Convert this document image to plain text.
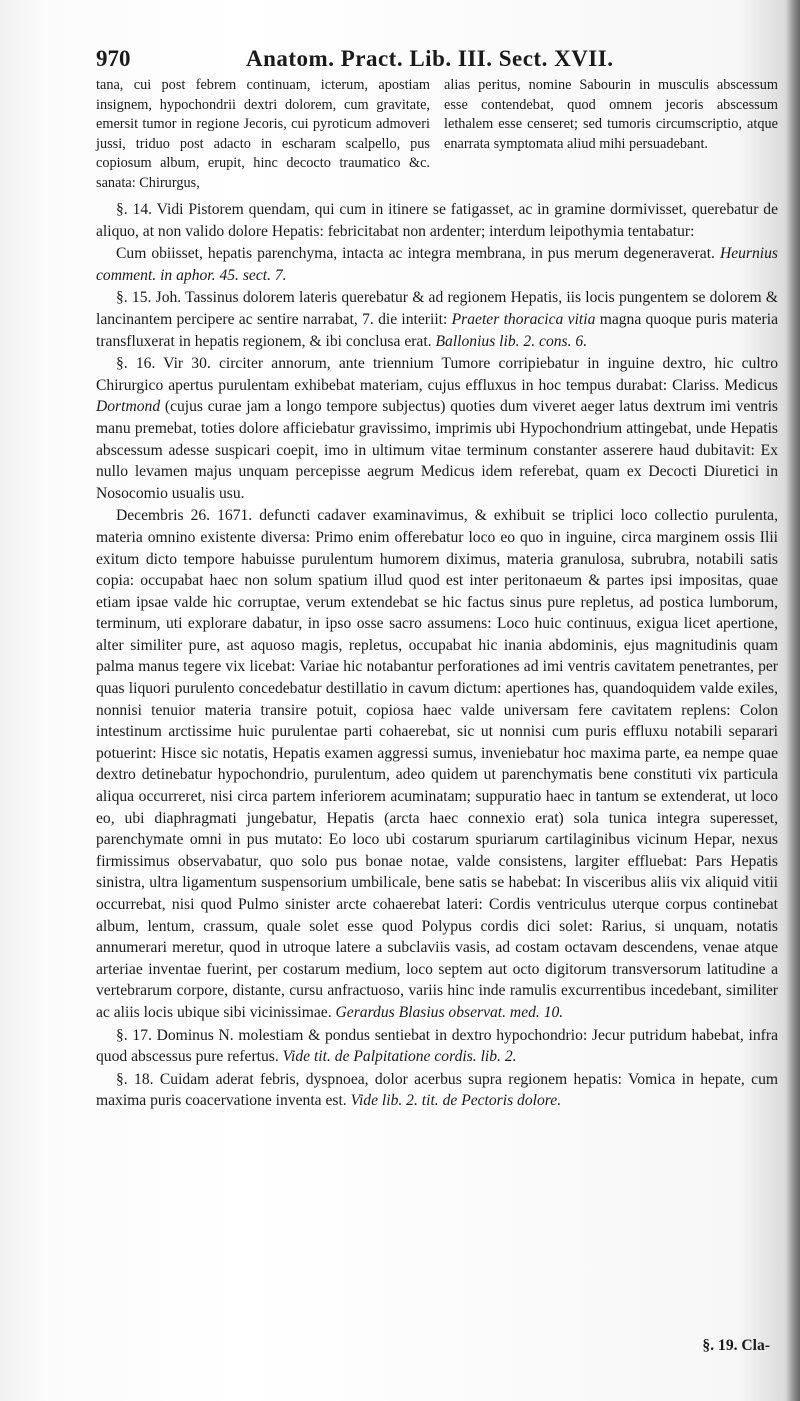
970	Anatom. Pract. Lib. III. Sect. XVII.
tana, cui post febrem continuam, icterum, apostiam insignem, hypochondrii dextri dolorem, cum gravitate, emersit tumor in regione Jecoris, cui pyroticum admoveri jussi, triduo post adacto in escharam scalpello, pus copiosum album, erupit, hinc decocto traumatico &c. sanata: Chirurgus,
alias peritus, nomine Sabourin in musculis abscessum esse contendebat, quod omnem jecoris abscessum lethalem esse censeret; sed tumoris circumscriptio, atque enarrata symptomata aliud mihi persuadebant.

§. 14. Vidi Pistorem quendam, qui cum in itinere se fatigasset, ac in gramine dormivisset, querebatur de aliquo, at non valido dolore Hepatis: febricitabat non ardenter; interdum leipothymia tentabatur:

Cum obiisset, hepatis parenchyma, intacta ac integra membrana, in pus merum degeneraverat. Heurnius comment. in aphor. 45. sect. 7.

§. 15. Joh. Tassinus dolorem lateris querebatur & ad regionem Hepatis, iis locis pungentem se dolorem & lancinantem percipere ac sentire narrabat, 7. die interiit: Praeter thoracica vitia magna quoque puris materia transfluxerat in hepatis regionem, & ibi conclusa erat. Ballonius lib. 2. cons. 6.

§. 16. Vir 30. circiter annorum, ante triennium Tumore corripiebatur in inguine dextro, hic cultro Chirurgico apertus purulentam exhibebat materiam, cujus effluxus in hoc tempus durabat: Clariss. Medicus Dortmond (cujus curae jam a longo tempore subjectus) quoties dum viveret aeger latus dextrum imi ventris manu premebat, toties dolore afficiebatur gravissimo, imprimis ubi Hypochondrium attingebat, unde Hepatis abscessum adesse suspicari coepit, imo in ultimum vitae terminum constanter asserere haud dubitavit: Ex nullo levamen majus unquam percepisse aegrum Medicus idem referebat, quam ex Decocti Diuretici in Nosocomio usualis usu.

Decembris 26. 1671. defuncti cadaver examinavimus, & exhibuit se triplici loco collectio purulenta, materia omnino existente diversa: Primo enim offerebatur loco eo quo in inguine, circa marginem ossis Ilii exitum dicto tempore habuisse purulentum humorem diximus, materia granulosa, subrubra, notabili satis copia: occupabat haec non solum spatium illud quod est inter peritonaeum & partes ipsi impositas, quae etiam ipsae valde hic corruptae, verum extendebat se hic factus sinus pure repletus, ad postica lumborum, terminum, uti explorare dabatur, in ipso osse sacro assumens: Loco huic continuus, exigua licet apertione, alter similiter pure, ast aquoso magis, repletus, occupabat hic inania abdominis, ejus magnitudinis quam palma manus tegere vix licebat: Variae hic notabantur perforationes ad imi ventris cavitatem penetrantes, per quas liquori purulento concedebatur destillatio in cavum dictum: apertiones has, quandoquidem valde exiles, nonnisi tenuior materia transire potuit, copiosa haec valde universam fere cavitatem replens: Colon intestinum arctissime huic purulentae parti cohaerebat, sic ut nonnisi cum puris effluxu notabili separari potuerint: Hisce sic notatis, Hepatis examen aggressi sumus, inveniebatur hoc maxima parte, ea nempe quae dextro detinebatur hypochondrio, purulentum, adeo quidem ut parenchymatis bene constituti vix particula aliqua occurreret, nisi circa partem inferiorem acuminatam; suppuratio haec in tantum se extenderat, ut loco eo, ubi diaphragmati jungebatur, Hepatis (arcta haec connexio erat) sola tunica integra superesset, parenchymate omni in pus mutato: Eo loco ubi costarum spuriarum cartilaginibus vicinum Hepar, nexus firmissimus observabatur, quo solo pus bonae notae, valde consistens, largiter effluebat: Pars Hepatis sinistra, ultra ligamentum suspensorium umbilicale, bene satis se habebat: In visceribus aliis vix aliquid vitii occurrebat, nisi quod Pulmo sinister arcte cohaerebat lateri: Cordis ventriculus uterque corpus continebat album, lentum, crassum, quale solet esse quod Polypus cordis dici solet: Rarius, si unquam, notatis annumerari meretur, quod in utroque latere a subclaviis vasis, ad costam octavam descendens, venae atque arteriae inventae fuerint, per costarum medium, loco septem aut octo digitorum transversorum latitudine a vertebrarum corpore, distante, cursu anfractuoso, variis hinc inde ramulis excurrentibus incedebant, similiter ac aliis locis ubique sibi vicinissimae. Gerardus Blasius observat. med. 10.

§. 17. Dominus N. molestiam & pondus sentiebat in dextro hypochondrio: Jecur putridum habebat, infra quod abscessus pure refertus. Vide tit. de Palpitatione cordis. lib. 2.

§. 18. Cuidam aderat febris, dyspnoea, dolor acerbus supra regionem hepatis: Vomica in hepate, cum maxima puris coacervatione inventa est. Vide lib. 2. tit. de Pectoris dolore.

§. 19. Cla-
